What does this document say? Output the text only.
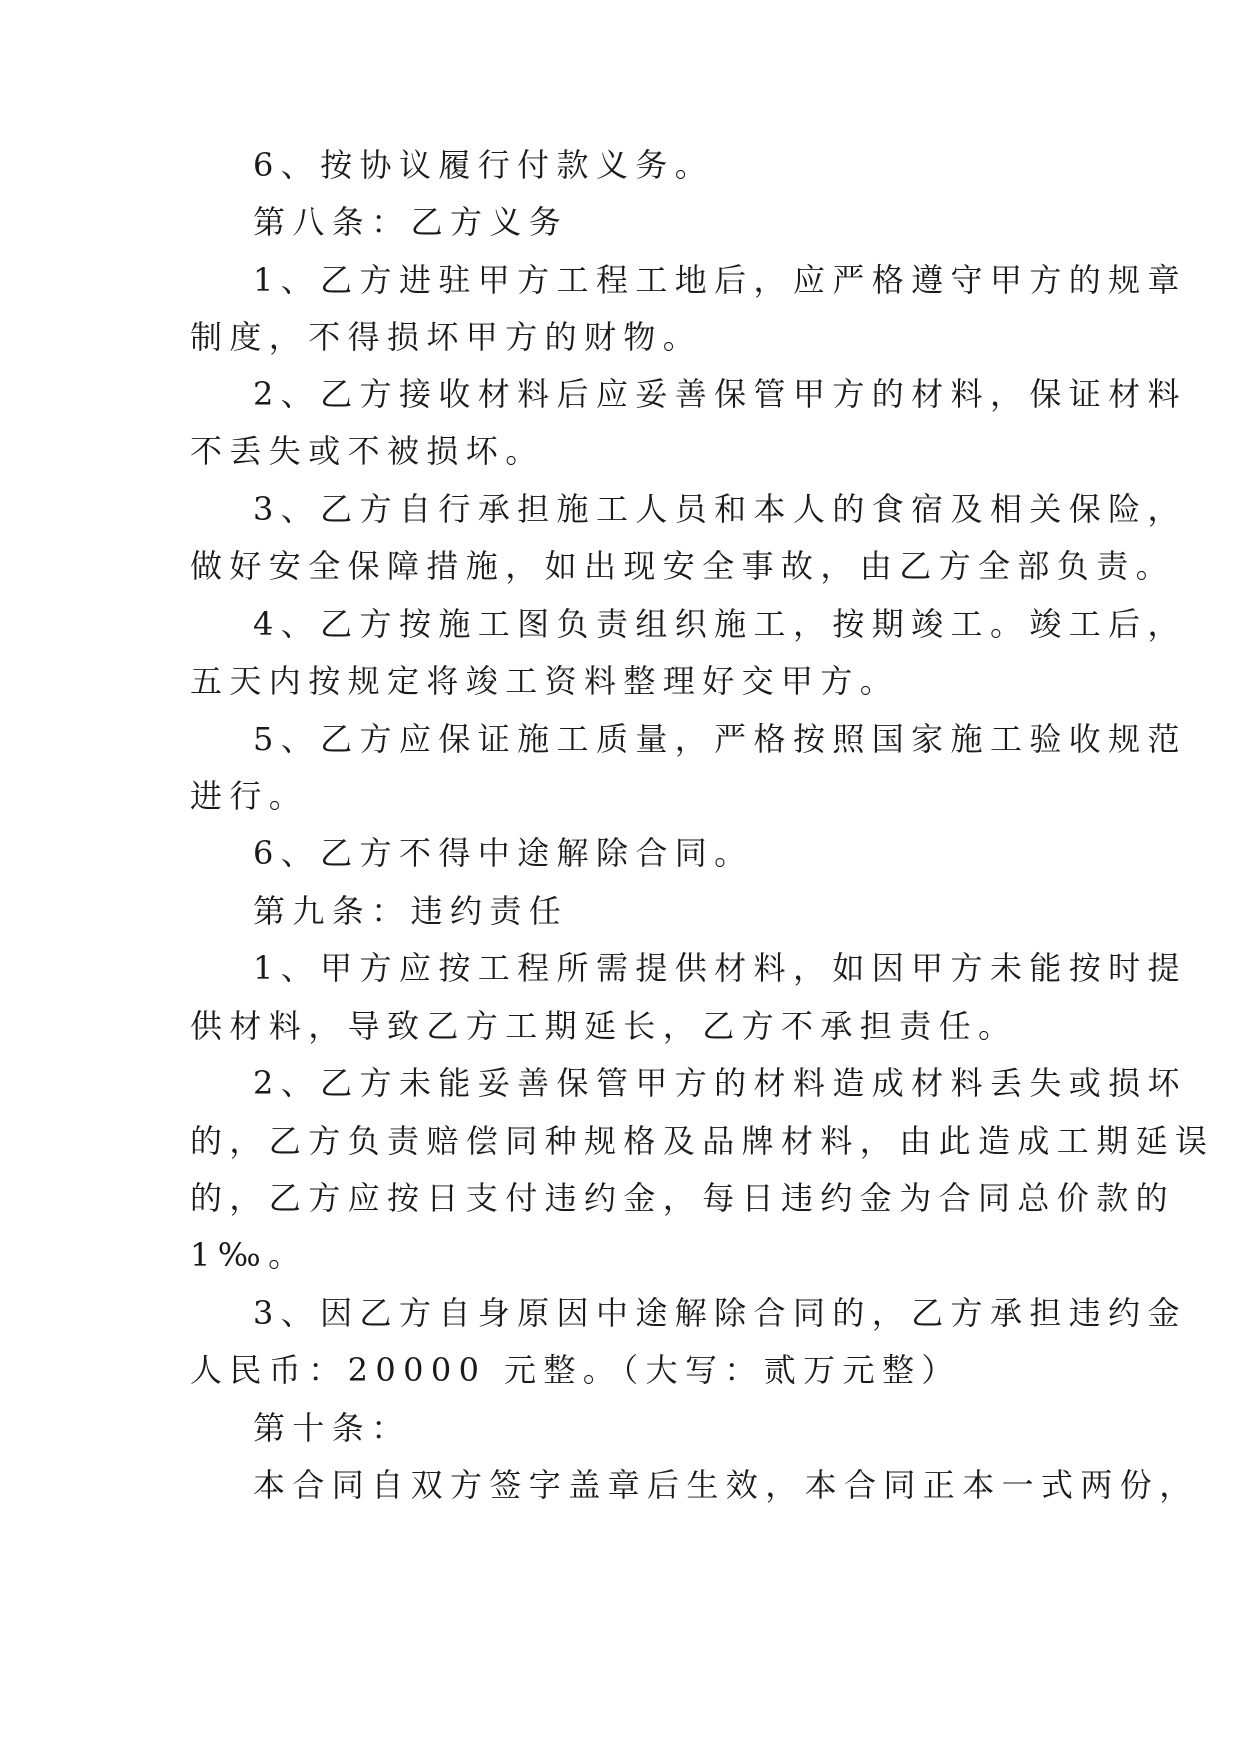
6、按协议履行付款义务。
第八条：乙方义务
1、乙方进驻甲方工程工地后，应严格遵守甲方的规章
制度，不得损坏甲方的财物。
2、乙方接收材料后应妥善保管甲方的材料，保证材料
不丢失或不被损坏。
3、乙方自行承担施工人员和本人的食宿及相关保险，
做好安全保障措施，如出现安全事故，由乙方全部负责。
4、乙方按施工图负责组织施工，按期竣工。竣工后，
五天内按规定将竣工资料整理好交甲方。
5、乙方应保证施工质量，严格按照国家施工验收规范
进行。
6、乙方不得中途解除合同。
第九条：违约责任
1、甲方应按工程所需提供材料，如因甲方未能按时提
供材料，导致乙方工期延长，乙方不承担责任。
2、乙方未能妥善保管甲方的材料造成材料丢失或损坏
的，乙方负责赔偿同种规格及品牌材料，由此造成工期延误
的，乙方应按日支付违约金，每日违约金为合同总价款的
1‰。
3、因乙方自身原因中途解除合同的，乙方承担违约金
人民币：20000 元整。（大写：贰万元整）
第十条：
本合同自双方签字盖章后生效，本合同正本一式两份，
